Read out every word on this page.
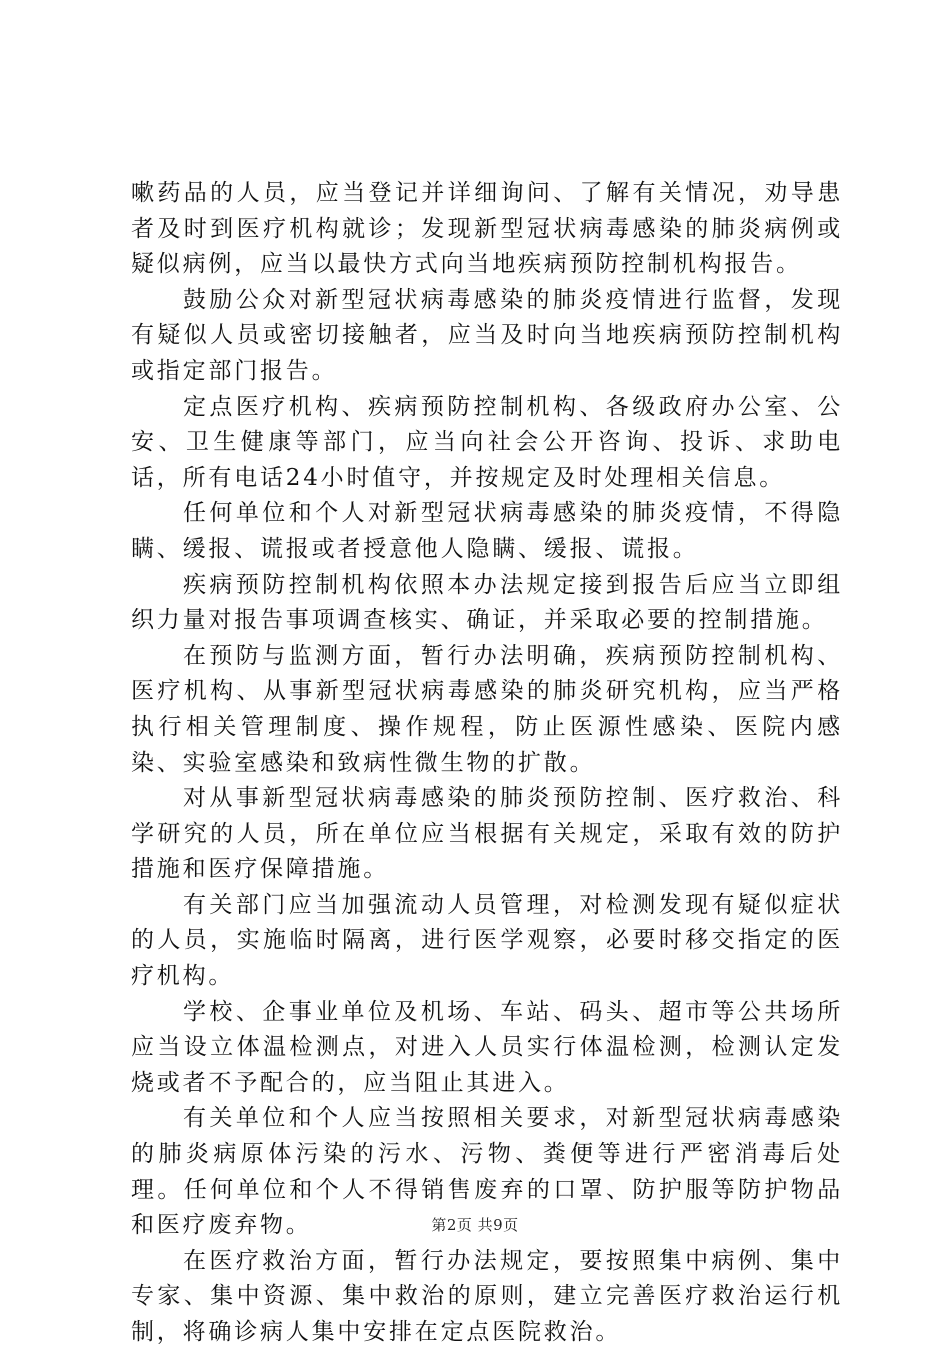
嗽药品的人员，应当登记并详细询问、了解有关情况，劝导患者及时到医疗机构就诊；发现新型冠状病毒感染的肺炎病例或疑似病例，应当以最快方式向当地疾病预防控制机构报告。

鼓励公众对新型冠状病毒感染的肺炎疫情进行监督，发现有疑似人员或密切接触者，应当及时向当地疾病预防控制机构或指定部门报告。

定点医疗机构、疾病预防控制机构、各级政府办公室、公安、卫生健康等部门，应当向社会公开咨询、投诉、求助电话，所有电话24小时值守，并按规定及时处理相关信息。

任何单位和个人对新型冠状病毒感染的肺炎疫情，不得隐瞒、缓报、谎报或者授意他人隐瞒、缓报、谎报。

疾病预防控制机构依照本办法规定接到报告后应当立即组织力量对报告事项调查核实、确证，并采取必要的控制措施。

在预防与监测方面，暂行办法明确，疾病预防控制机构、医疗机构、从事新型冠状病毒感染的肺炎研究机构，应当严格执行相关管理制度、操作规程，防止医源性感染、医院内感染、实验室感染和致病性微生物的扩散。

对从事新型冠状病毒感染的肺炎预防控制、医疗救治、科学研究的人员，所在单位应当根据有关规定，采取有效的防护措施和医疗保障措施。

有关部门应当加强流动人员管理，对检测发现有疑似症状的人员，实施临时隔离，进行医学观察，必要时移交指定的医疗机构。

学校、企事业单位及机场、车站、码头、超市等公共场所应当设立体温检测点，对进入人员实行体温检测，检测认定发烧或者不予配合的，应当阻止其进入。

有关单位和个人应当按照相关要求，对新型冠状病毒感染的肺炎病原体污染的污水、污物、粪便等进行严密消毒后处理。任何单位和个人不得销售废弃的口罩、防护服等防护物品和医疗废弃物。

在医疗救治方面，暂行办法规定，要按照集中病例、集中专家、集中资源、集中救治的原则，建立完善医疗救治运行机制，将确诊病人集中安排在定点医院救治。

第2页 共9页
